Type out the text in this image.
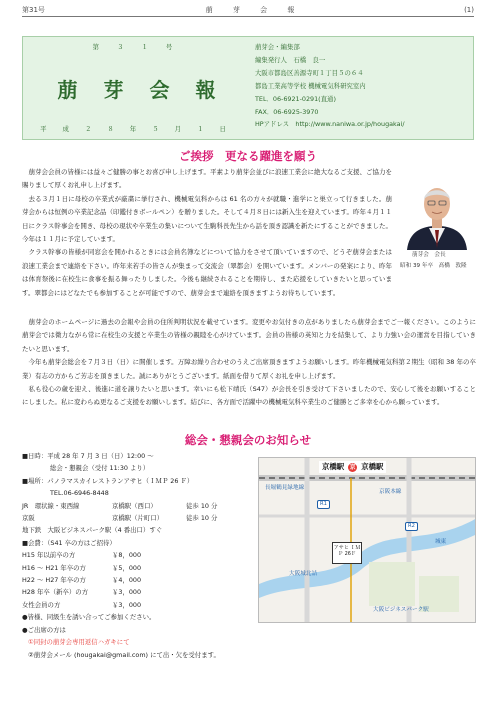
第31号	萠 芽 会 報	(1)
第 ３ １ 号
萠芽会報
平 成 ２ ８ 年 ５ 月 １ 日
萠芽会・編集部
編集発行人　石橋　良一
大阪市都島区善源寺町１丁目５の６４
都島工業高等学校 機械電気科研究室内
TEL．06-6921-0291(直通)
FAX．06-6925-3970
HPアドレス　http://www.naniwa.or.jp/hougakai/
ご挨拶　更なる躍進を願う

萠芽会会員の皆様には益々ご健勝の事とお喜び申し上げます。平素より萠芽会並びに浪速工業会に絶大なるご支援、ご協力を賜りまして厚くお礼申し上げます。

去る３月１日に母校の卒業式が厳粛に挙行され、機械電気科からは 61 名の方々が就職・進学にと巣立って行きました。萠芽会からは恒例の卒業記念品（印鑑付きボールペン）を贈りました。そして４月８日には新入生を迎えています。昨年４月１１日にクラス幹事会を開き、母校の現状や卒業生の集いについて生駒科長先生から話を頂き認識を新たにすることができました。今年は１１月に予定しています。

クラス幹事の皆様が同窓会を開かれるときには会員名簿などについて協力をさせて頂いていますので、どうぞ萠芽会または浪速工業会まで連絡を下さい。昨年来若手の皆さんが集まって交流会（翠都会）を開いています。メンバーの発案により、昨年は体育祭後に在校生に食事を振る舞ったりしました。今後も継続されることを期待し、また応援をしていきたいと思っています。翠都会にはどなたでも参加することが可能ですので、萠芽会まで連絡を頂きますようお待ちしています。

萠芽会　会長
昭和 39 年卒　髙橋　敦隆

萠芽会のホームページに過去の会報や会員の住所判明状況を載せています。変更やお気付きの点がありましたら萠芽会までご一報ください。このように萠芽会では微力ながら常に在校生の支援と卒業生の皆様の親睦を心がけています。会員の皆様の英知と力を結集して、より力強い会の運営を目指していきたいと思います。

今年も萠芽会総会を７月３日（日）に開催します。万障お繰り合わせのうえご出席頂きますようお願いします。昨年機械電気科第２期生（昭和 38 年の卒業）有志の方からご芳志を頂きました。誠にありがとうございます。紙面を借りて厚くお礼を申し上げます。

私も役心の歳を迎え、後進に道を譲りたいと思います。幸いにも松下靖氏（S47）が会長を引き受けて下さいましたので、安心して後をお願いすることにしました。私に変わらぬ更なるご支援をお願いします。結びに、各方面で活躍中の機械電気科卒業生のご健勝とご多幸を心から願っています。

総会・懇親会のお知らせ
■日時：平成 28 年 7 月 3 日（日）12:00 ～
総会・懇親会（受付 11:30 より）
■場所：パノラマスカイレストランアサヒ（ＩＭＰ 26 Ｆ）
TEL.06-6946-8448
JR　環状線・東西線	京橋駅（西口）	徒歩 10 分
京阪	京橋駅（片町口）	徒歩 10 分
地下鉄　大阪ビジネスパーク駅（4 番出口）すぐ
■会費：（S41 卒の方はご招待）
H15 年以前卒の方	￥8，000
H16 ～ H21 年卒の方	￥5，000
H22 ～ H27 年卒の方	￥4，000
H28 年卒（新卒）の方	￥3，000
女性会員の方	￥3，000
●皆様、同級生を誘い合ってご参加ください。
●ご出席の方は
①同封の萠芽会専用返信ハガキにて
②萠芽会メール (hougakai@gmail.com) にて出・欠を受付ます。
京橋駅 京 京橋駅
アサヒ ＩＭＰ 26Ｆ
長堀鶴見緑地線
大阪城北詰
京阪本線
大阪ビジネスパーク駅
城東
R1
R2
